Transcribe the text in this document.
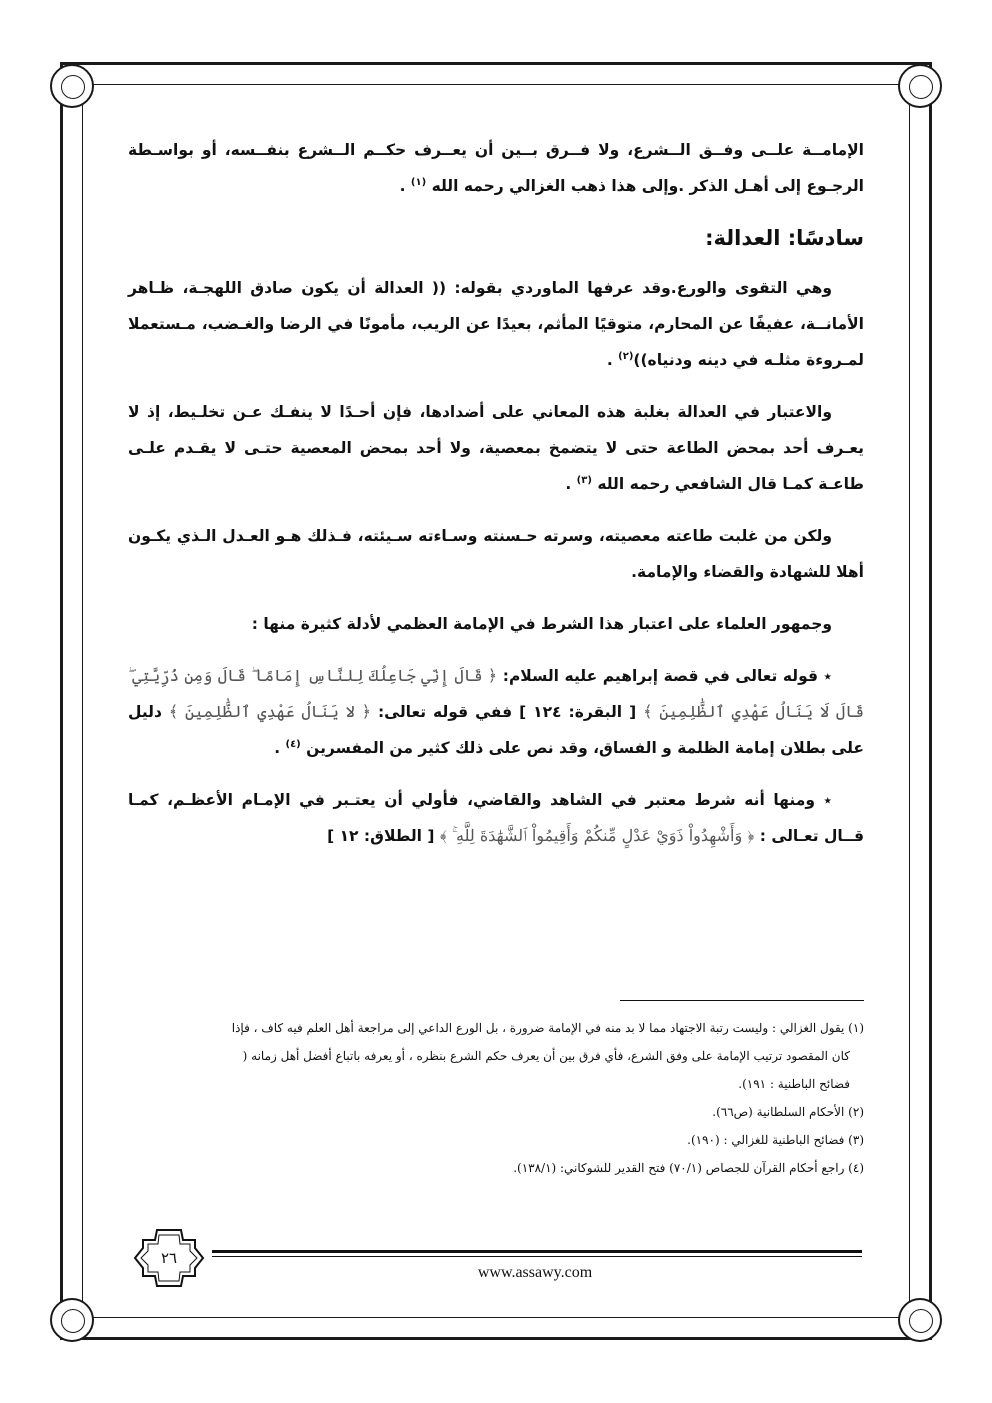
الإمامــة علــى وفــق الــشرع، ولا فــرق بــين أن يعــرف حكــم الــشرع بنفــسه، أو بواسـطة الرجـوع إلى أهـل الذكر .وإلى هذا ذهب الغزالي رحمه الله $^{(١)}$ .

سادسًا: العدالة:

وهي التقوى والورع.وقد عرفها الماوردي بقوله: (( العدالة أن يكون صادق اللهجـة، ظـاهر الأمانــة، عفيفًا عن المحارم، متوقيًا المأثم، بعيدًا عن الريب، مأمونًا في الرضا والغـضب، مـستعملا لمـروءة مثلـه في دينه ودنياه))$^{(٢)}$ .

والاعتبار في العدالة بغلبة هذه المعاني على أضدادها، فإن أحـدًا لا ينفـك عـن تخلـيط، إذ لا يعـرف أحد بمحض الطاعة حتى لا يتضمخ بمعصية، ولا أحد بمحض المعصية حتـى لا يقـدم علـى طاعـة كمـا قال الشافعي رحمه الله $^{(٣)}$ .

ولكن من غلبت طاعته معصيته، وسرته حـسنته وسـاءته سـيئته، فـذلك هـو العـدل الـذي يكـون أهلا للشهادة والقضاء والإمامة.

وجمهور العلماء على اعتبار هذا الشرط في الإمامة العظمي لأدلة كثيرة منها :

٭ قوله تعالى في قصة إبراهيم عليه السلام: ﴿ قَالَ إِنِّي جَاعِلُكَ لِلنَّاسِ إِمَامًا ۖ قَالَ وَمِن ذُرِّيَّتِي ۖ قَالَ لَا يَنَالُ عَهْدِي ٱلظَّٰلِمِينَ ﴾ [ البقرة: ١٢٤ ] ففي قوله تعالى: ﴿ لا يَنَالُ عَهْدِي ٱلظَّٰلِمِينَ ﴾ دليل على بطلان إمامة الظلمة و الفساق، وقد نص على ذلك كثير من المفسرين $^{(٤)}$ .

٭ ومنها أنه شرط معتبر في الشاهد والقاضي، فأولي أن يعتـبر في الإمـام الأعظـم، كمـا قــال تعـالى : ﴿ وَأَشْهِدُواْ ذَوَيْ عَدْلٍ مِّنكُمْ وَأَقِيمُواْ ٱلشَّهَٰدَةَ لِلَّهِ ۚ ﴾ [ الطلاق: ١٢ ]

(١) يقول الغزالي : وليست رتبة الاجتهاد مما لا بد منه في الإمامة ضرورة ، بل الورع الداعي إلى مراجعة أهل العلم فيه كاف ، فإذا

كان المقصود ترتيب الإمامة على وفق الشرع، فأي فرق بين أن يعرف حكم الشرع بنظره ، أو يعرفه باتباع أفضل أهل زمانه (

فضائح الباطنية : ١٩١).

(٢) الأحكام السلطانية (ص٦٦).

(٣) فضائح الباطنية للغزالي : (١٩٠).

(٤) راجع أحكام القرآن للجصاص (٧٠/١) فتح القدير للشوكاني: (١٣٨/١).

٢٦
www.assawy.com
